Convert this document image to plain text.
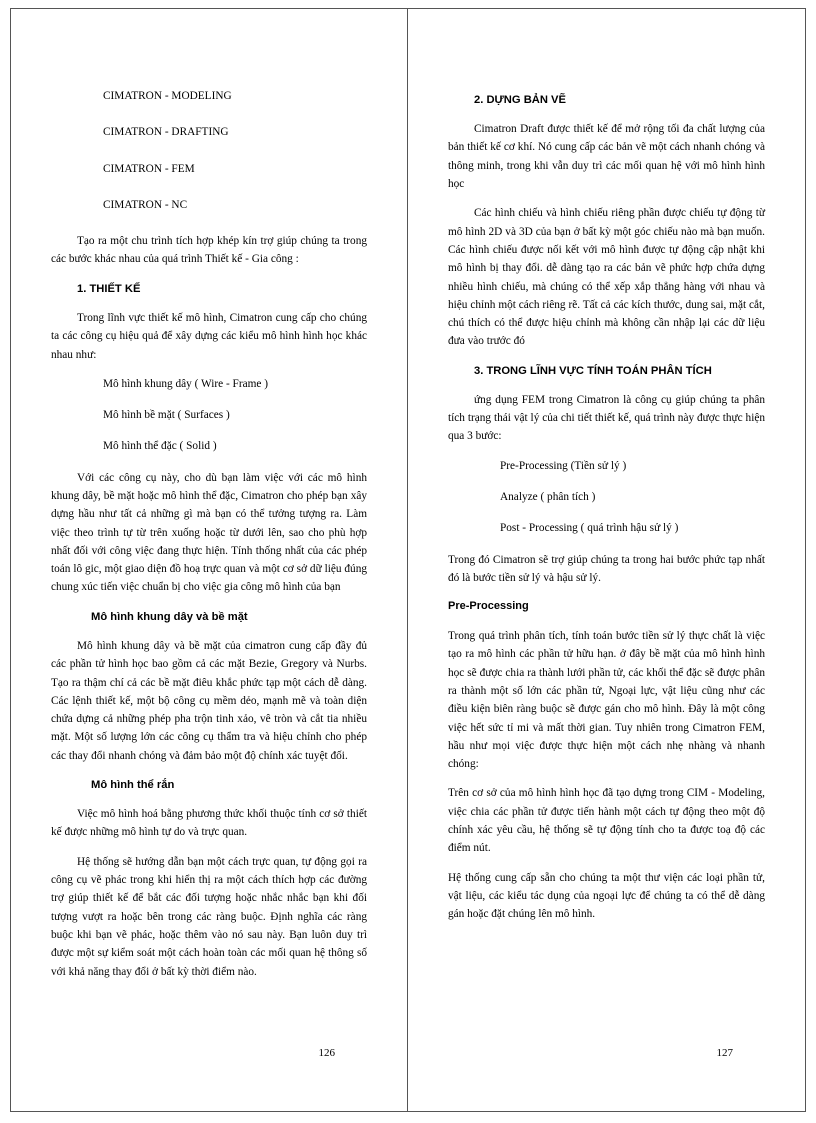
CIMATRON - MODELING

CIMATRON - DRAFTING

CIMATRON - FEM

CIMATRON - NC

Tạo ra một chu trình tích hợp khép kín trợ giúp chúng ta trong các bước khác nhau của quá trình Thiết kế - Gia công :

1. THIẾT KẾ

Trong lĩnh vực thiết kế mô hình, Cimatron cung cấp cho chúng ta các công cụ hiệu quả để xây dựng các kiểu mô hình hình học khác nhau như:

Mô hình khung dây ( Wire - Frame )

Mô hình bề mặt ( Surfaces )

Mô hình thể đặc ( Solid )

Với các công cụ này, cho dù bạn làm việc với các mô hình khung dây, bề mặt hoặc mô hình thể đặc, Cimatron cho phép bạn xây dựng hầu như tất cả những gì mà bạn có thể tưởng tượng ra. Làm việc theo trình tự từ trên xuống hoặc từ dưới lên, sao cho phù hợp nhất đối với công việc đang thực hiện. Tính thống nhất của các phép toán lô gic, một giao diện đồ hoạ trực quan và một cơ sở dữ liệu đúng chung xúc tiến việc chuẩn bị cho việc gia công mô hình của bạn

Mô hình khung dây và bề mặt

Mô hình khung dây và bề mặt của cimatron cung cấp đầy đủ các phần tử hình học bao gồm cả các mặt Bezie, Gregory và Nurbs. Tạo ra thậm chí cả các bề mặt điêu khắc phức tạp một cách dễ dàng. Các lệnh thiết kế, một bộ công cụ mềm dẻo, mạnh mẽ và toàn diện chứa dựng cả những phép pha trộn tinh xảo, vê tròn và cắt tia nhiều mặt. Một số lượng lớn các công cụ thẩm tra và hiệu chỉnh cho phép các thay đổi nhanh chóng và đảm bảo một độ chính xác tuyệt đối.

Mô hình thể rắn

Việc mô hình hoá bằng phương thức khối thuộc tính cơ sở thiết kế được những mô hình tự do và trực quan.

Hệ thống sẽ hướng dẫn bạn một cách trực quan, tự động gọi ra công cụ vẽ phác trong khi hiển thị ra một cách thích hợp các đường trợ giúp thiết kế để bắt các đối tượng hoặc nhắc nhắc bạn khi đối tượng vượt ra hoặc bên trong các ràng buộc. Định nghĩa các ràng buộc khi bạn vẽ phác, hoặc thêm vào nó sau này. Bạn luôn duy trì được một sự kiểm soát một cách hoàn toàn các mối quan hệ thông số với khả năng thay đổi ở bất kỳ thời điểm nào.

126

2. DỰNG BẢN VẼ

Cimatron Draft được thiết kế để mở rộng tối đa chất lượng của bản thiết kế cơ khí. Nó cung cấp các bản vẽ một cách nhanh chóng và thông minh, trong khi vẫn duy trì các mối quan hệ với mô hình hình học

Các hình chiếu và hình chiếu riêng phần được chiếu tự động từ mô hình 2D và 3D của bạn ở bất kỳ một góc chiếu nào mà bạn muốn. Các hình chiếu được nối kết với mô hình được tự động cập nhật khi mô hình bị thay đổi. dễ dàng tạo ra các bản vẽ phức hợp chứa dựng nhiều hình chiếu, mà chúng có thể xếp xắp thẳng hàng với nhau và hiệu chỉnh một cách riêng rẽ. Tất cả các kích thước, dung sai, mặt cắt, chú thích có thể được hiệu chỉnh mà không cần nhập lại các dữ liệu đưa vào trước đó

3. TRONG LĨNH VỰC TÍNH TOÁN PHÂN TÍCH

ứng dụng FEM trong Cimatron là công cụ giúp chúng ta phân tích trạng thái vật lý của chi tiết thiết kế, quá trình này được thực hiện qua 3 bước:

Pre-Processing (Tiền sử lý )

Analyze ( phân tích )

Post - Processing ( quá trình hậu sử lý )

Trong đó Cimatron sẽ trợ giúp chúng ta trong hai bước phức tạp nhất đó là bước tiền sử lý và hậu sử lý.

Pre-Processing

Trong quá trình phân tích, tính toán bước tiền sử lý thực chất là việc tạo ra mô hình các phần tử hữu hạn. ở đây bề mặt của mô hình hình học sẽ được chia ra thành lưới phần tử, các khối thể đặc sẽ được phân ra thành một số lớn các phần tử, Ngoại lực, vật liệu cũng như các điều kiện biên ràng buộc sẽ được gán cho mô hình. Đây là một công việc hết sức tỉ mi và mất thời gian. Tuy nhiên trong Cimatron FEM, hầu như mọi việc được thực hiện một cách nhẹ nhàng và nhanh chóng:

Trên cơ sở của mô hình hình học đã tạo dựng trong CIM - Modeling, việc chia các phần tử được tiến hành một cách tự động theo một độ chính xác yêu cầu, hệ thống sẽ tự động tính cho ta được toạ độ các điểm nút.

Hệ thống cung cấp sẵn cho chúng ta một thư viện các loại phần tử, vật liệu, các kiểu tác dụng của ngoại lực để chúng ta có thể dễ dàng gán hoặc đặt chúng lên mô hình.

127
